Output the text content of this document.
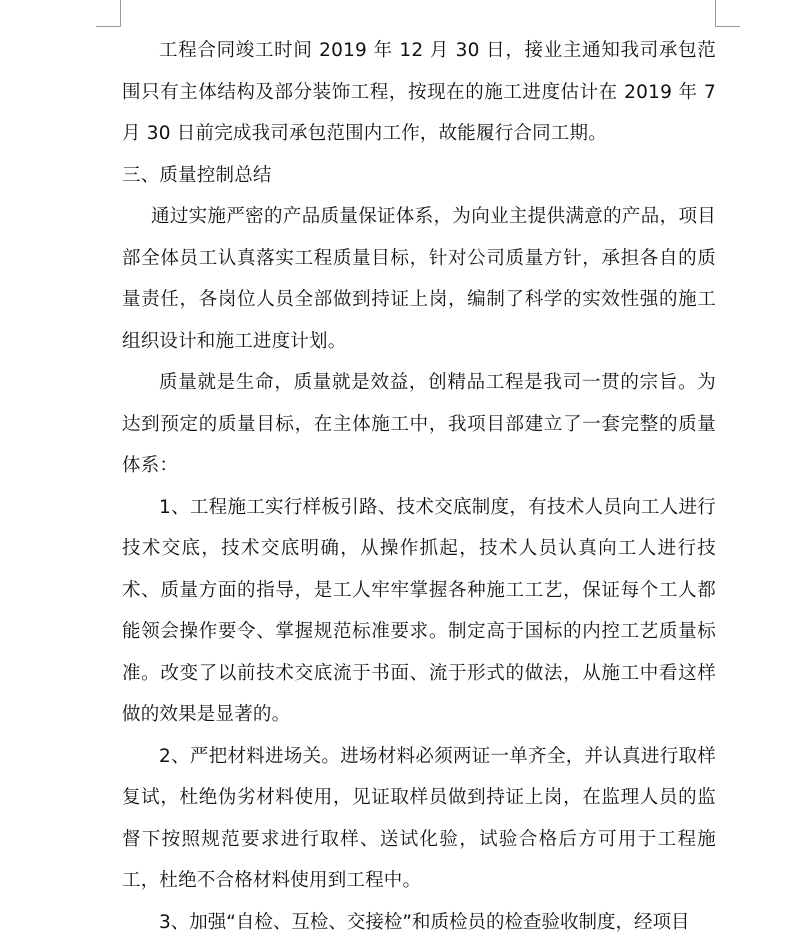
工程合同竣工时间 2019 年 12 月 30 日，接业主通知我司承包范围只有主体结构及部分装饰工程，按现在的施工进度估计在 2019 年 7 月 30 日前完成我司承包范围内工作，故能履行合同工期。

三、质量控制总结

通过实施严密的产品质量保证体系，为向业主提供满意的产品，项目部全体员工认真落实工程质量目标，针对公司质量方针，承担各自的质量责任，各岗位人员全部做到持证上岗，编制了科学的实效性强的施工组织设计和施工进度计划。

质量就是生命，质量就是效益，创精品工程是我司一贯的宗旨。为达到预定的质量目标，在主体施工中，我项目部建立了一套完整的质量体系：

1、工程施工实行样板引路、技术交底制度，有技术人员向工人进行技术交底，技术交底明确，从操作抓起，技术人员认真向工人进行技术、质量方面的指导，是工人牢牢掌握各种施工工艺，保证每个工人都能领会操作要令、掌握规范标准要求。制定高于国标的内控工艺质量标准。改变了以前技术交底流于书面、流于形式的做法，从施工中看这样做的效果是显著的。

2、严把材料进场关。进场材料必须两证一单齐全，并认真进行取样复试，杜绝伪劣材料使用，见证取样员做到持证上岗，在监理人员的监督下按照规范要求进行取样、送试化验，试验合格后方可用于工程施工，杜绝不合格材料使用到工程中。

3、加强“自检、互检、交接检”和质检员的检查验收制度，经项目
